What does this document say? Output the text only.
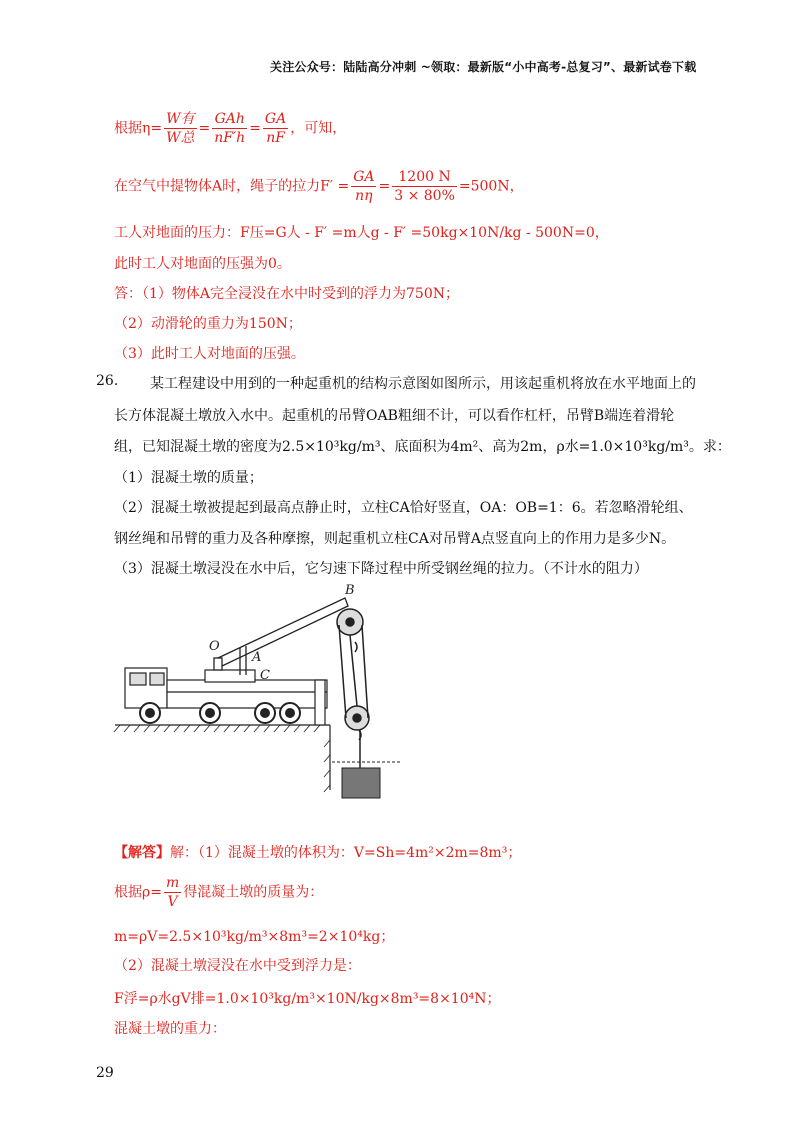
关注公众号：陆陆高分冲刺 ~领取：最新版“小中高考-总复习”、最新试卷下载
根据$\eta= \frac{\text{W有}}{\text{W总}} = \frac{\text{GAh}}{nF'h} = \frac{GA}{nF}$ ，可知，
在空气中提物体A时，绳子的拉力$F' = \frac{GA}{n\eta} = \frac{1200 N}{3 \times 80\%} =500N$，
工人对地面的压力：F压=G人 - F′ =m人g - F′ =50kg×10N/kg - 500N=0，
此时工人对地面的压强为0。
答：（1）物体A完全浸没在水中时受到的浮力为750N；
（2）动滑轮的重力为150N；
（3）此时工人对地面的压强。
26. 某工程建设中用到的一种起重机的结构示意图如图所示，用该起重机将放在水平地面上的
长方体混凝土墩放入水中。起重机的吊臂OAB粗细不计，可以看作杠杆，吊臂B端连着滑轮
组，已知混凝土墩的密度为2.5×10³kg/m³、底面积为4m²、高为2m，ρ水=1.0×10³kg/m³。求：
（1）混凝土墩的质量；
（2）混凝土墩被提起到最高点静止时，立柱CA恰好竖直，OA：OB=1：6。若忽略滑轮组、
钢丝绳和吊臂的重力及各种摩擦，则起重机立柱CA对吊臂A点竖直向上的作用力是多少N。
（3）混凝土墩浸没在水中后，它匀速下降过程中所受钢丝绳的拉力。（不计水的阻力）
O
A
B
C
【解答】解：（1）混凝土墩的体积为：V=Sh=4m²×2m=8m³；
根据$\rho= \frac{m}{V}$ 得混凝土墩的质量为：
m=ρV=2.5×10³kg/m³×8m³=2×10⁴kg；
（2）混凝土墩浸没在水中受到浮力是：
F浮=ρ水gV排=1.0×10³kg/m³×10N/kg×8m³=8×10⁴N；
混凝土墩的重力：
29
